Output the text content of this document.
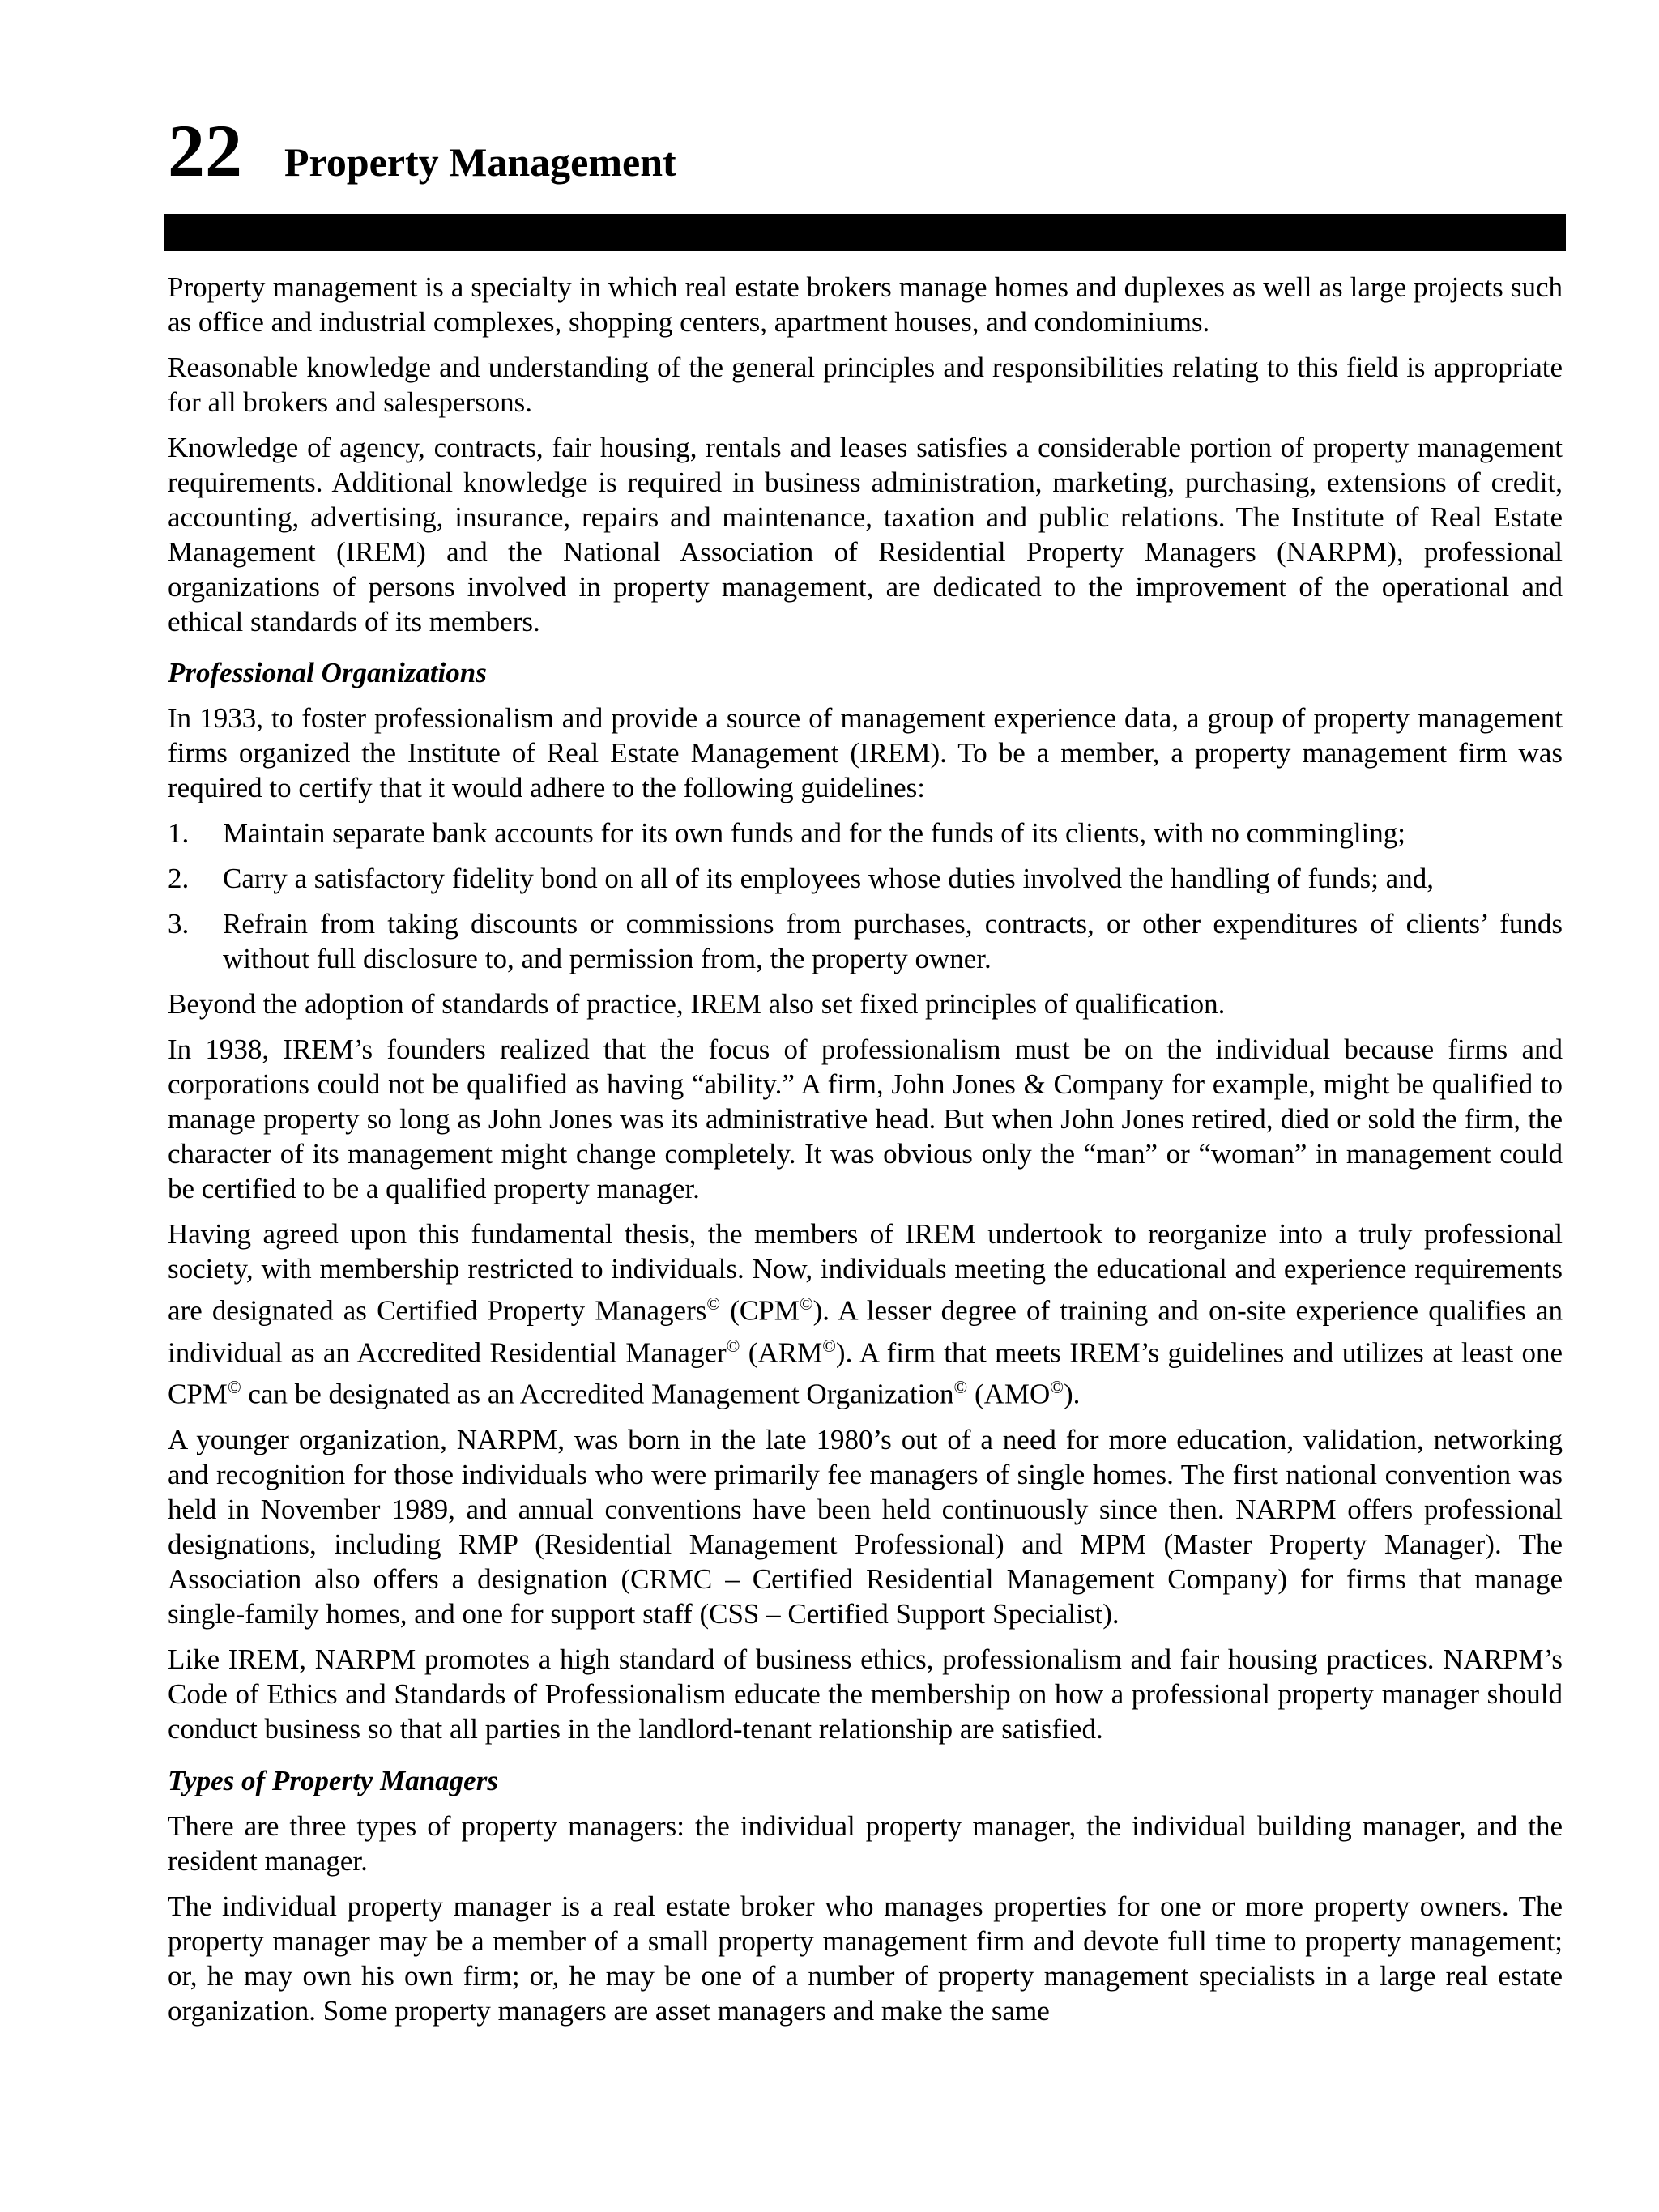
22 Property Management

Property management is a specialty in which real estate brokers manage homes and duplexes as well as large projects such as office and industrial complexes, shopping centers, apartment houses, and condominiums.

Reasonable knowledge and understanding of the general principles and responsibilities relating to this field is appropriate for all brokers and salespersons.

Knowledge of agency, contracts, fair housing, rentals and leases satisfies a considerable portion of property management requirements. Additional knowledge is required in business administration, marketing, purchasing, extensions of credit, accounting, advertising, insurance, repairs and maintenance, taxation and public relations. The Institute of Real Estate Management (IREM) and the National Association of Residential Property Managers (NARPM), professional organizations of persons involved in property management, are dedicated to the improvement of the operational and ethical standards of its members.

Professional Organizations

In 1933, to foster professionalism and provide a source of management experience data, a group of property management firms organized the Institute of Real Estate Management (IREM). To be a member, a property management firm was required to certify that it would adhere to the following guidelines:

1.	Maintain separate bank accounts for its own funds and for the funds of its clients, with no commingling;
2.	Carry a satisfactory fidelity bond on all of its employees whose duties involved the handling of funds; and,
3.	Refrain from taking discounts or commissions from purchases, contracts, or other expenditures of clients’ funds without full disclosure to, and permission from, the property owner.

Beyond the adoption of standards of practice, IREM also set fixed principles of qualification.

In 1938, IREM’s founders realized that the focus of professionalism must be on the individual because firms and corporations could not be qualified as having “ability.” A firm, John Jones & Company for example, might be qualified to manage property so long as John Jones was its administrative head. But when John Jones retired, died or sold the firm, the character of its management might change completely. It was obvious only the “man” or “woman” in management could be certified to be a qualified property manager.

Having agreed upon this fundamental thesis, the members of IREM undertook to reorganize into a truly professional society, with membership restricted to individuals. Now, individuals meeting the educational and experience requirements are designated as Certified Property Managers© (CPM©). A lesser degree of training and on-site experience qualifies an individual as an Accredited Residential Manager© (ARM©). A firm that meets IREM’s guidelines and utilizes at least one CPM© can be designated as an Accredited Management Organization© (AMO©).

A younger organization, NARPM, was born in the late 1980’s out of a need for more education, validation, networking and recognition for those individuals who were primarily fee managers of single homes. The first national convention was held in November 1989, and annual conventions have been held continuously since then. NARPM offers professional designations, including RMP (Residential Management Professional) and MPM (Master Property Manager). The Association also offers a designation (CRMC – Certified Residential Management Company) for firms that manage single-family homes, and one for support staff (CSS – Certified Support Specialist).

Like IREM, NARPM promotes a high standard of business ethics, professionalism and fair housing practices. NARPM’s Code of Ethics and Standards of Professionalism educate the membership on how a professional property manager should conduct business so that all parties in the landlord-tenant relationship are satisfied.

Types of Property Managers

There are three types of property managers: the individual property manager, the individual building manager, and the resident manager.

The individual property manager is a real estate broker who manages properties for one or more property owners. The property manager may be a member of a small property management firm and devote full time to property management; or, he may own his own firm; or, he may be one of a number of property management specialists in a large real estate organization. Some property managers are asset managers and make the same
